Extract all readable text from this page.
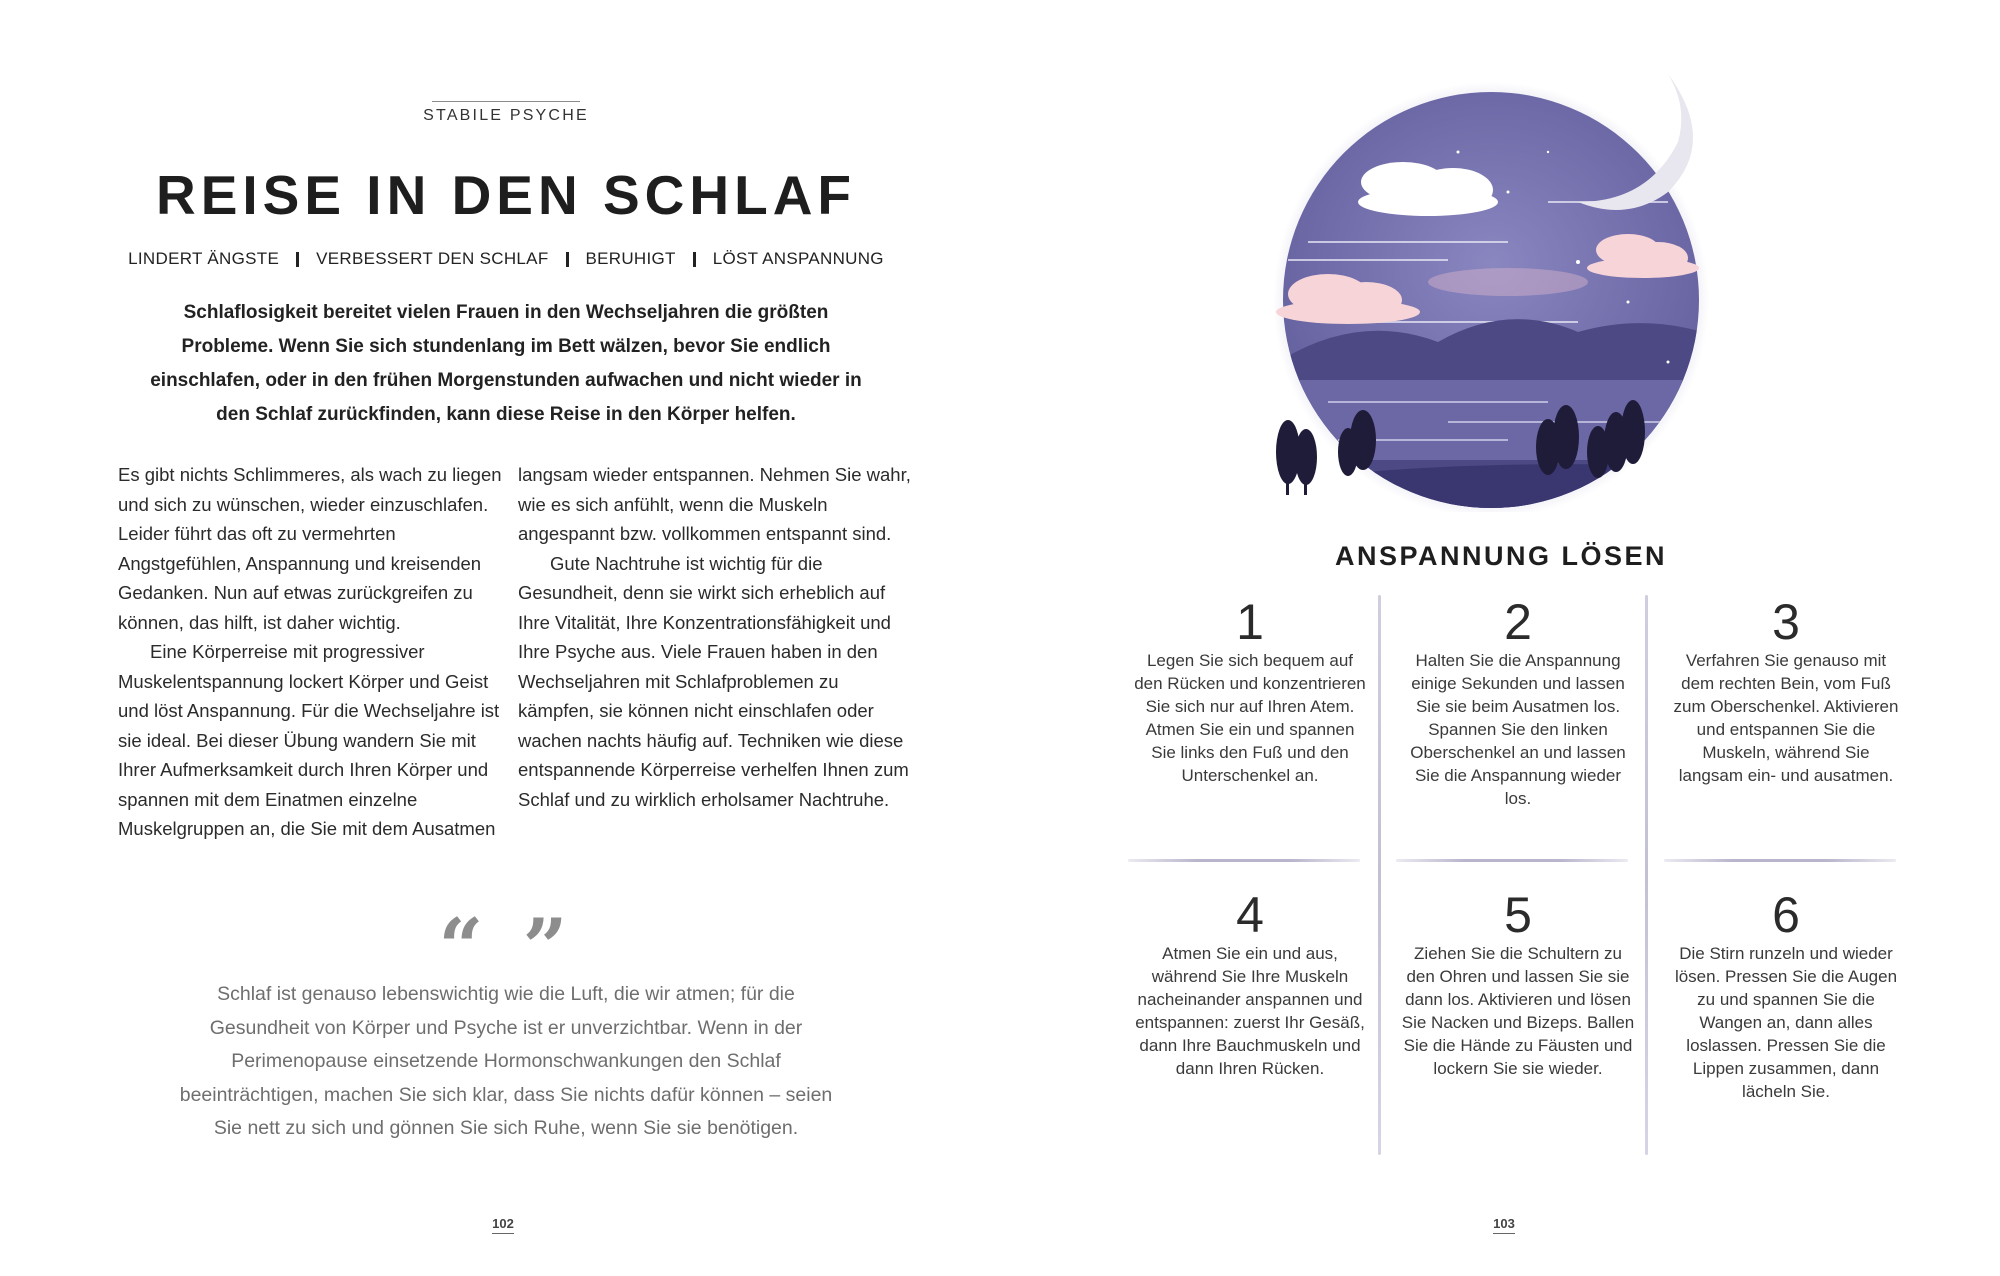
STABILE PSYCHE
REISE IN DEN SCHLAF
LINDERT ÄNGSTE VERBESSERT DEN SCHLAF BERUHIGT LÖST ANSPANNUNG
Schlaflosigkeit bereitet vielen Frauen in den Wechseljahren die größten Probleme. Wenn Sie sich stundenlang im Bett wälzen, bevor Sie endlich einschlafen, oder in den frühen Morgenstunden aufwachen und nicht wieder in den Schlaf zurückfinden, kann diese Reise in den Körper helfen.

Es gibt nichts Schlimmeres, als wach zu liegen und sich zu wünschen, wieder einzuschlafen. Leider führt das oft zu vermehrten Angstgefühlen, Anspannung und kreisenden Gedanken. Nun auf etwas zurückgreifen zu können, das hilft, ist daher wichtig.

Eine Körperreise mit progressiver Muskelentspannung lockert Körper und Geist und löst Anspannung. Für die Wechseljahre ist sie ideal. Bei dieser Übung wandern Sie mit Ihrer Aufmerksamkeit durch Ihren Körper und spannen mit dem Einatmen einzelne Muskelgruppen an, die Sie mit dem Ausatmen

langsam wieder entspannen. Nehmen Sie wahr, wie es sich anfühlt, wenn die Muskeln angespannt bzw. vollkommen entspannt sind.

Gute Nachtruhe ist wichtig für die Gesundheit, denn sie wirkt sich erheblich auf Ihre Vitalität, Ihre Konzentrationsfähigkeit und Ihre Psyche aus. Viele Frauen haben in den Wechseljahren mit Schlafproblemen zu kämpfen, sie können nicht einschlafen oder wachen nachts häufig auf. Techniken wie diese entspannende Körperreise verhelfen Ihnen zum Schlaf und zu wirklich erholsamer Nachtruhe.

“ ”
Schlaf ist genauso lebenswichtig wie die Luft, die wir atmen; für die Gesundheit von Körper und Psyche ist er unverzichtbar. Wenn in der Perimenopause einsetzende Hormonschwankungen den Schlaf beeinträchtigen, machen Sie sich klar, dass Sie nichts dafür können – seien Sie nett zu sich und gönnen Sie sich Ruhe, wenn Sie sie benötigen.
102
ANSPANNUNG LÖSEN
1
Legen Sie sich bequem auf den Rücken und konzentrieren Sie sich nur auf Ihren Atem. Atmen Sie ein und spannen Sie links den Fuß und den Unterschenkel an.
2
Halten Sie die Anspannung einige Sekunden und lassen Sie sie beim Ausatmen los. Spannen Sie den linken Oberschenkel an und lassen Sie die Anspannung wieder los.
3
Verfahren Sie genauso mit dem rechten Bein, vom Fuß zum Oberschenkel. Aktivieren und entspannen Sie die Muskeln, während Sie langsam ein- und ausatmen.
4
Atmen Sie ein und aus, während Sie Ihre Muskeln nacheinander anspannen und entspannen: zuerst Ihr Gesäß, dann Ihre Bauchmuskeln und dann Ihren Rücken.
5
Ziehen Sie die Schultern zu den Ohren und lassen Sie sie dann los. Aktivieren und lösen Sie Nacken und Bizeps. Ballen Sie die Hände zu Fäusten und lockern Sie sie wieder.
6
Die Stirn runzeln und wieder lösen. Pressen Sie die Augen zu und spannen Sie die Wangen an, dann alles loslassen. Pressen Sie die Lippen zusammen, dann lächeln Sie.
103
